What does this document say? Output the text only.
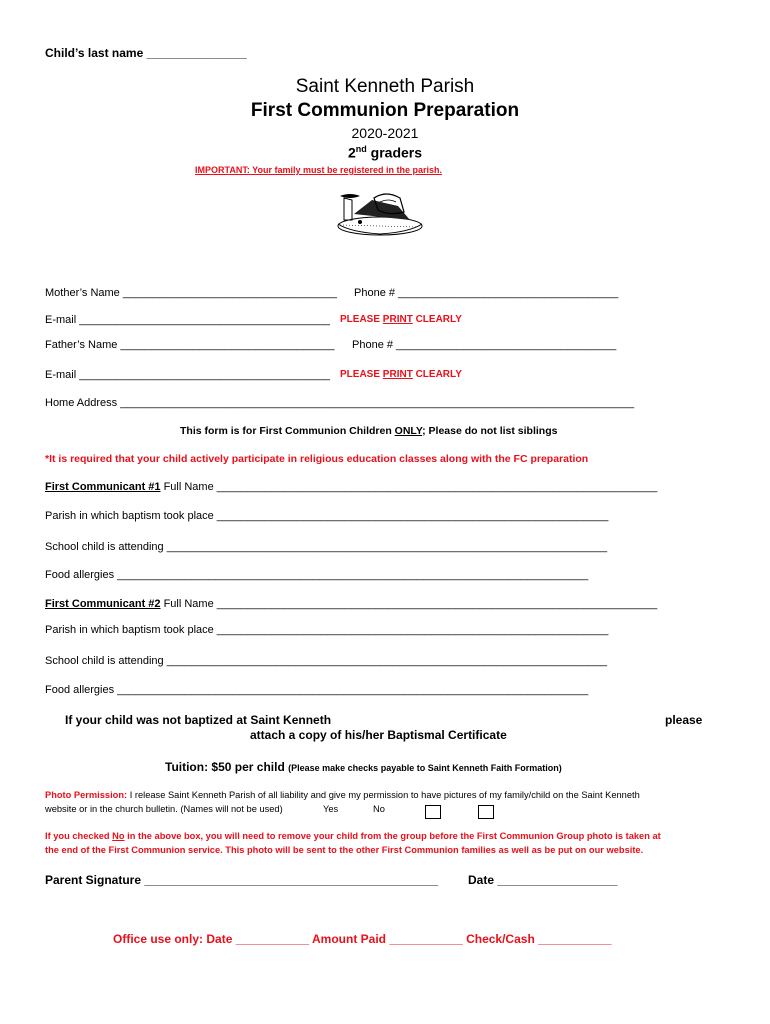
Child’s last name _______________
Saint Kenneth Parish
First Communion Preparation
2020-2021
2nd graders
IMPORTANT: Your family must be registered in the parish.
Mother’s Name ___________________________________ Phone # ____________________________________
E-mail _________________________________________ PLEASE PRINT CLEARLY
Father’s Name ___________________________________ Phone # ____________________________________
E-mail _________________________________________ PLEASE PRINT CLEARLY
Home Address ____________________________________________________________________________________
This form is for First Communion Children ONLY; Please do not list siblings
*It is required that your child actively participate in religious education classes along with the FC preparation
First Communicant #1 Full Name ________________________________________________________________________
Parish in which baptism took place ________________________________________________________________
School child is attending ________________________________________________________________________
Food allergies _____________________________________________________________________________
First Communicant #2 Full Name ________________________________________________________________________
Parish in which baptism took place ________________________________________________________________
School child is attending ________________________________________________________________________
Food allergies _____________________________________________________________________________
If your child was not baptized at Saint Kenneth	please
attach a copy of his/her Baptismal Certificate
Tuition: $50 per child (Please make checks payable to Saint Kenneth Faith Formation)
Photo Permission: I release Saint Kenneth Parish of all liability and give my permission to have pictures of my family/child on the Saint Kenneth
website or in the church bulletin. (Names will not be used)	Yes	No
If you checked No in the above box, you will need to remove your child from the group before the First Communion Group photo is taken at
the end of the First Communion service. This photo will be sent to the other First Communion families as well as be put on our website.
Parent Signature ____________________________________________ Date __________________
Office use only: Date ___________ Amount Paid ___________ Check/Cash ___________
